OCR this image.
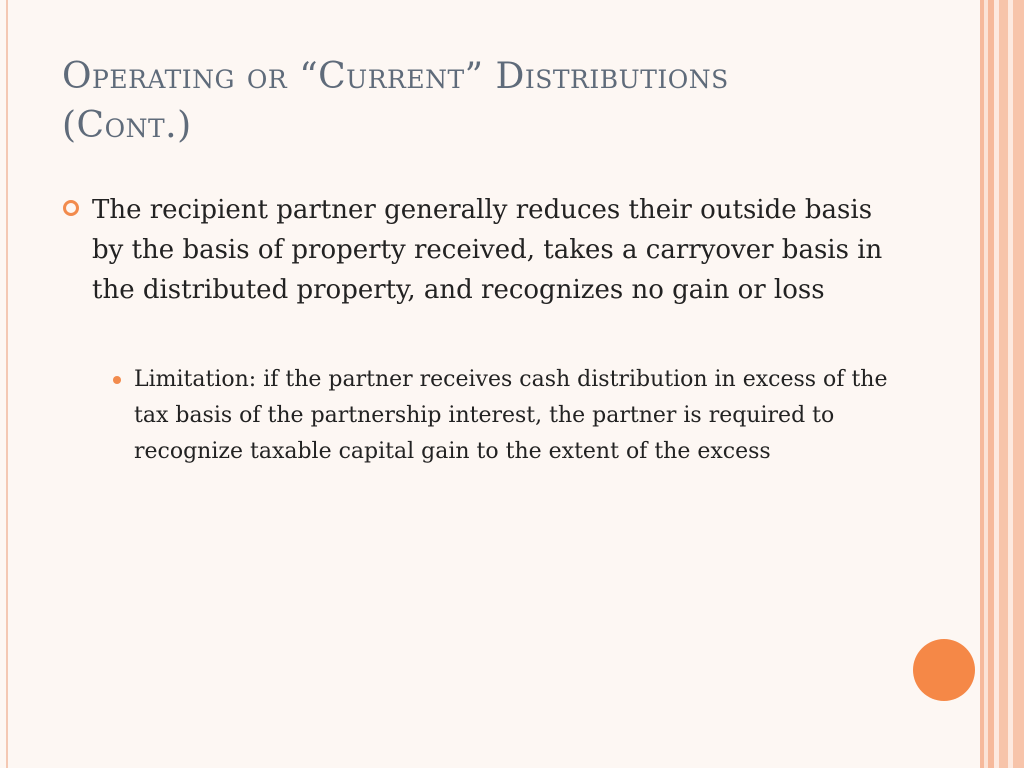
Operating or “Current” Distributions
(Cont.)

The recipient partner generally reduces their outside basis by the basis of property received, takes a carryover basis in the distributed property, and recognizes no gain or loss

Limitation: if the partner receives cash distribution in excess of the tax basis of the partnership interest, the partner is required to recognize taxable capital gain to the extent of the excess
